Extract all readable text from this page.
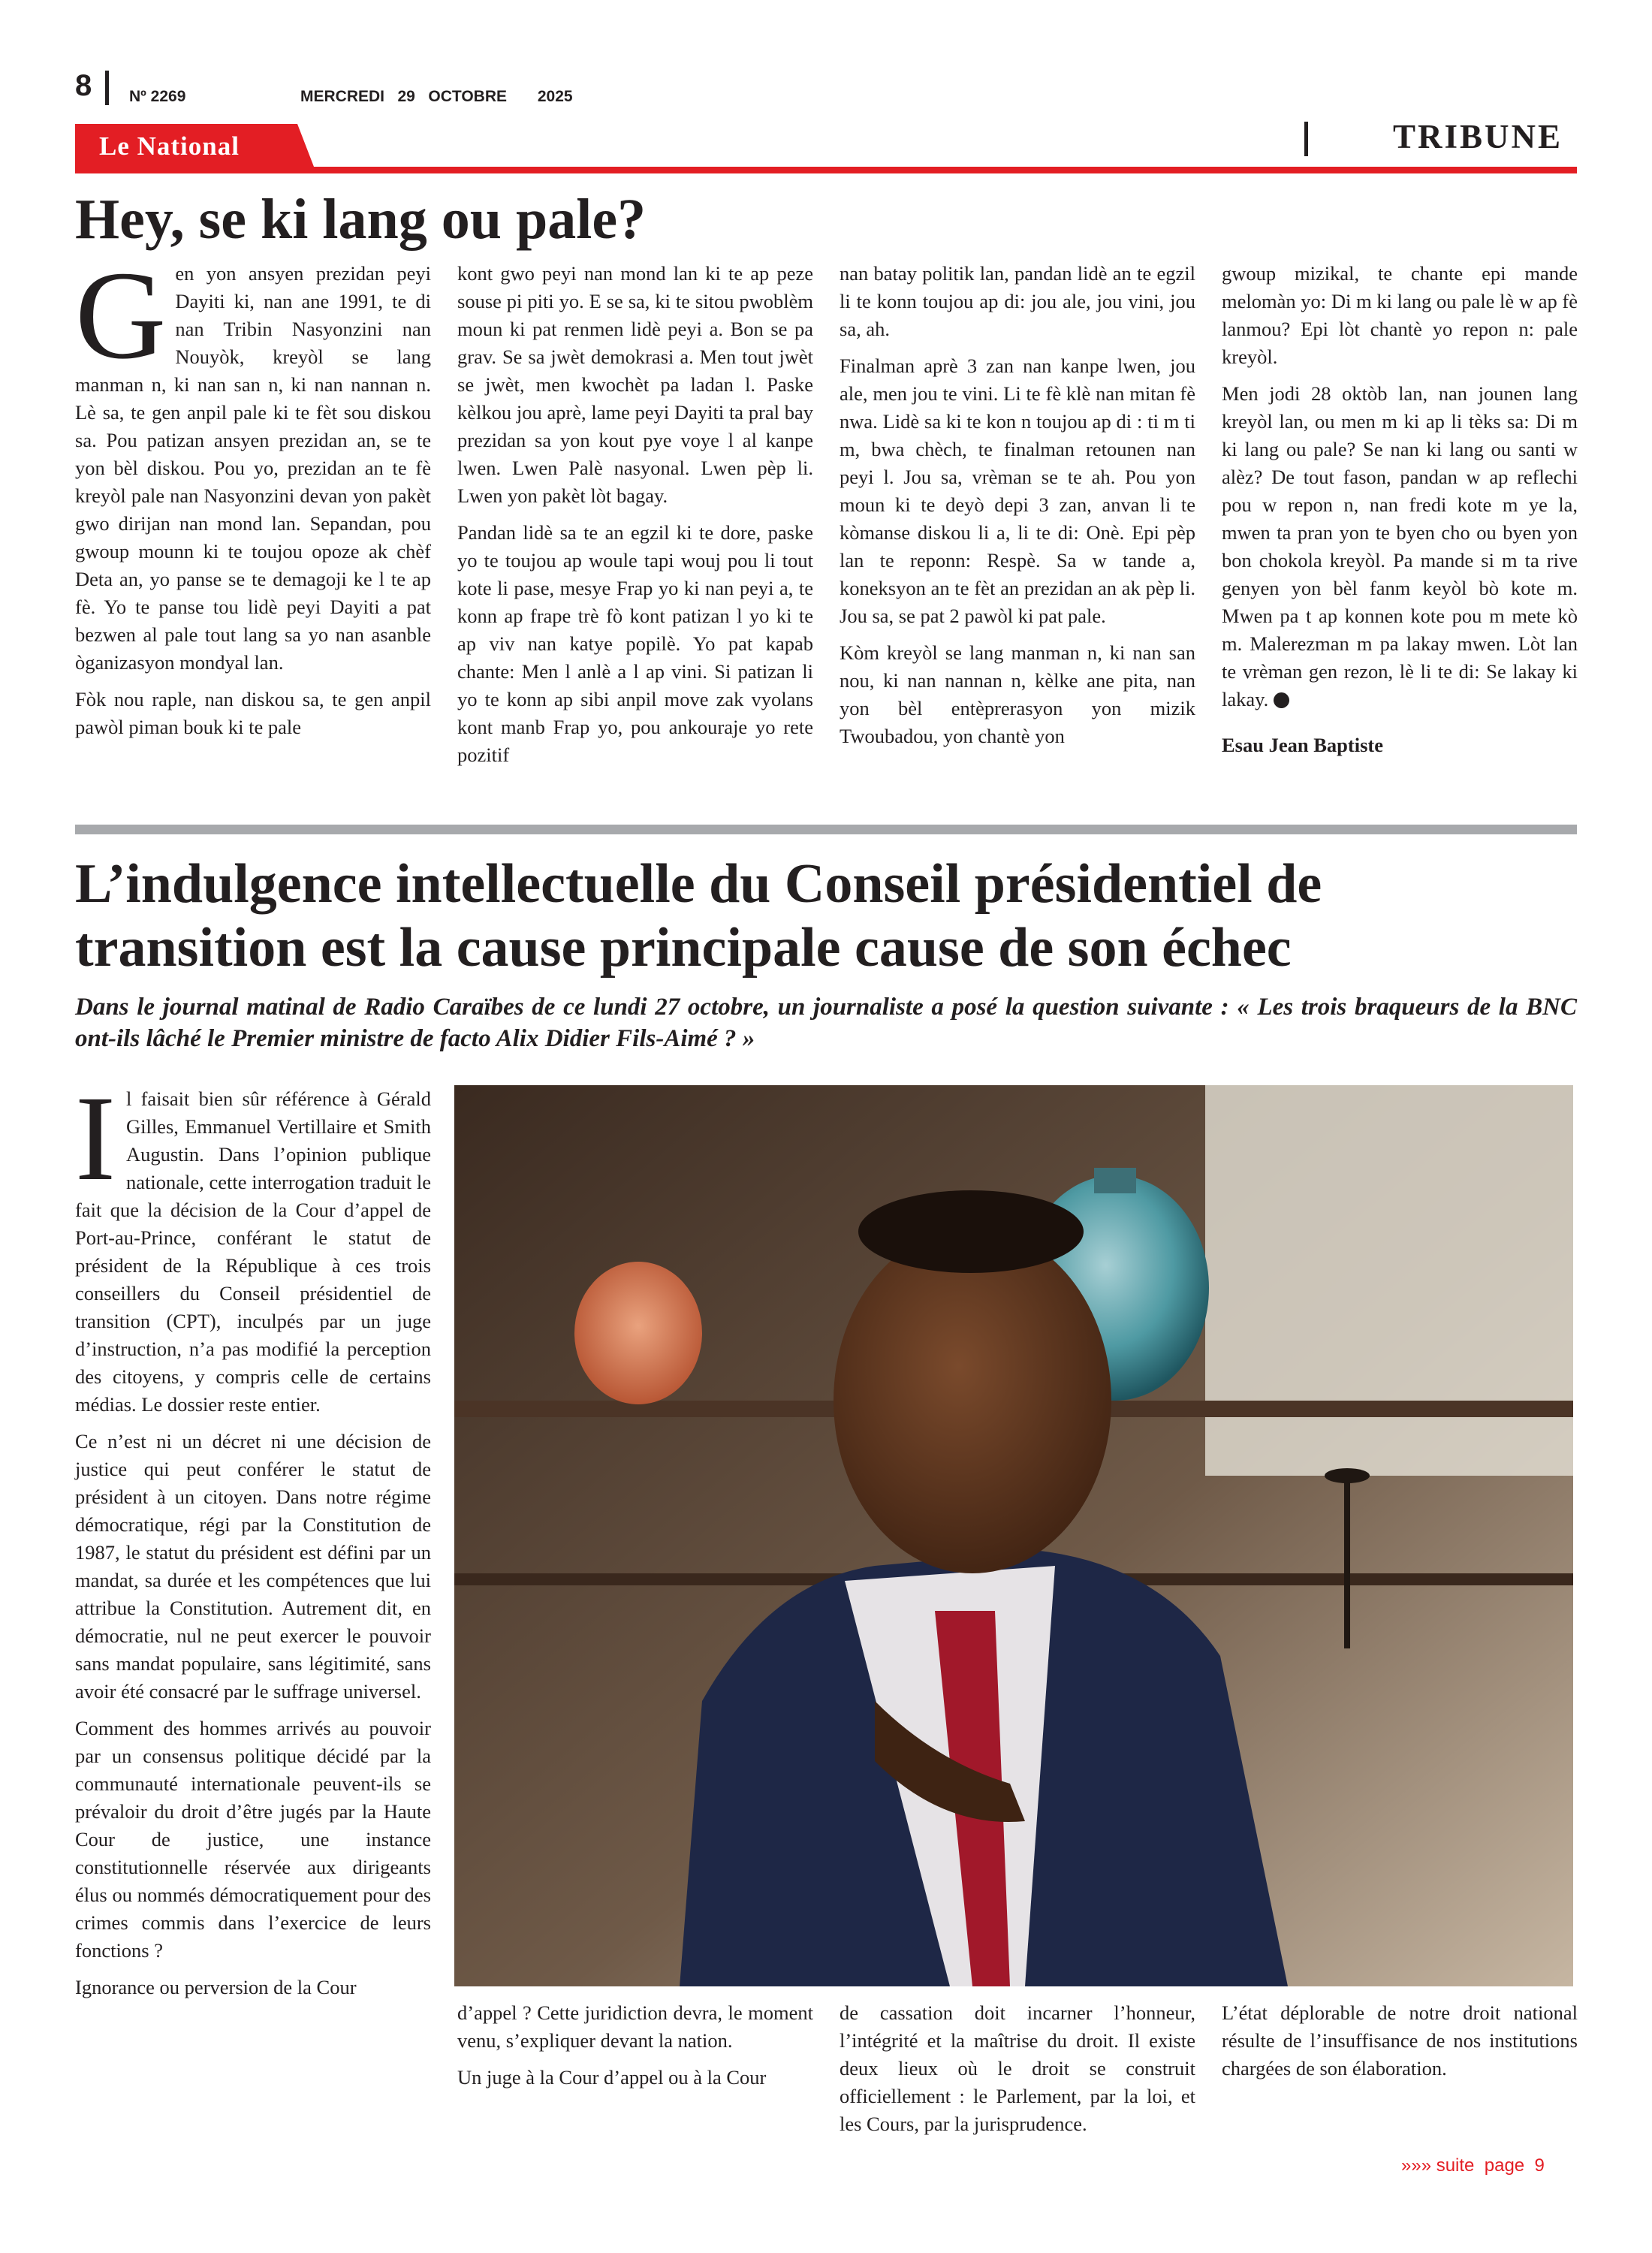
8 Nº 2269	MERCREDI   29   OCTOBRE       2025
Le National	TRIBUNE
Hey, se ki lang ou pale?
G en yon ansyen prezidan peyi Dayiti ki, nan ane 1991, te di nan Tribin Nasyonzini nan Nouyòk, kreyòl se lang manman n, ki nan san n, ki nan nannan n. Lè sa, te gen anpil pale ki te fèt sou diskou sa. Pou patizan ansyen prezidan an, se te yon bèl diskou. Pou yo, prezidan an te fè kreyòl pale nan Nasyonzini devan yon pakèt gwo dirijan nan mond lan. Sepandan, pou gwoup mounn ki te toujou opoze ak chèf Deta an, yo panse se te demagoji ke l te ap fè. Yo te panse tou lidè peyi Dayiti a pat bezwen al pale tout lang sa yo nan asanble òganizasyon mondyal lan.

Fòk nou raple, nan diskou sa, te gen anpil pawòl piman bouk ki te pale

kont gwo peyi nan mond lan ki te ap peze souse pi piti yo. E se sa, ki te sitou pwoblèm moun ki pat renmen lidè peyi a. Bon se pa grav. Se sa jwèt demokrasi a. Men tout jwèt se jwèt, men kwochèt pa ladan l. Paske kèlkou jou aprè, lame peyi Dayiti ta pral bay prezidan sa yon kout pye voye l al kanpe lwen. Lwen Palè nasyonal. Lwen pèp li. Lwen yon pakèt lòt bagay.

Pandan lidè sa te an egzil ki te dore, paske yo te toujou ap woule tapi wouj pou li tout kote li pase, mesye Frap yo ki nan peyi a, te konn ap frape trè fò kont patizan l yo ki te ap viv nan katye popilè. Yo pat kapab chante: Men l anlè a l ap vini. Si patizan li yo te konn ap sibi anpil move zak vyolans kont manb Frap yo, pou ankouraje yo rete pozitif

nan batay politik lan, pandan lidè an te egzil li te konn toujou ap di: jou ale, jou vini, jou sa, ah.

Finalman aprè 3 zan nan kanpe lwen, jou ale, men jou te vini. Li te fè klè nan mitan fè nwa. Lidè sa ki te kon n toujou ap di : ti m ti m, bwa chèch, te finalman retounen nan peyi l. Jou sa, vrèman se te ah. Pou yon moun ki te deyò depi 3 zan, anvan li te kòmanse diskou li a, li te di: Onè. Epi pèp lan te reponn: Respè. Sa w tande a, koneksyon an te fèt an prezidan an ak pèp li. Jou sa, se pat 2 pawòl ki pat pale.

Kòm kreyòl se lang manman n, ki nan san nou, ki nan nannan n, kèlke ane pita, nan yon bèl entèprerasyon yon mizik Twoubadou, yon chantè yon

gwoup mizikal, te chante epi mande melomàn yo: Di m ki lang ou pale lè w ap fè lanmou? Epi lòt chantè yo repon n: pale kreyòl.

Men jodi 28 oktòb lan, nan jounen lang kreyòl lan, ou men m ki ap li tèks sa: Di m ki lang ou pale? Se nan ki lang ou santi w alèz? De tout fason, pandan w ap reflechi pou w repon n, nan fredi kote m ye la, mwen ta pran yon te byen cho ou byen yon bon chokola kreyòl. Pa mande si m ta rive genyen yon bèl fanm keyòl bò kote m. Mwen pa t ap konnen kote pou m mete kò m. Malerezman m pa lakay mwen. Lòt lan te vrèman gen rezon, lè li te di: Se lakay ki lakay.

Esau Jean Baptiste

L’indulgence intellectuelle du Conseil présidentiel de
transition est la cause principale cause de son échec
Dans le journal matinal de Radio Caraïbes de ce lundi 27 octobre, un journaliste a posé la question suivante : « Les trois braqueurs de la BNC ont-ils lâché le Premier ministre de facto Alix Didier Fils-Aimé ? »
I l faisait bien sûr référence à Gérald Gilles, Emmanuel Vertillaire et Smith Augustin. Dans l’opinion publique nationale, cette interrogation traduit le fait que la décision de la Cour d’appel de Port-au-Prince, conférant le statut de président de la République à ces trois conseillers du Conseil présidentiel de transition (CPT), inculpés par un juge d’instruction, n’a pas modifié la perception des citoyens, y compris celle de certains médias. Le dossier reste entier.

Ce n’est ni un décret ni une décision de justice qui peut conférer le statut de président à un citoyen. Dans notre régime démocratique, régi par la Constitution de 1987, le statut du président est défini par un mandat, sa durée et les compétences que lui attribue la Constitution. Autrement dit, en démocratie, nul ne peut exercer le pouvoir sans mandat populaire, sans légitimité, sans avoir été consacré par le suffrage universel.

Comment des hommes arrivés au pouvoir par un consensus politique décidé par la communauté internationale peuvent-ils se prévaloir du droit d’être jugés par la Haute Cour de justice, une instance constitutionnelle réservée aux dirigeants élus ou nommés démocratiquement pour des crimes commis dans l’exercice de leurs fonctions ?

Ignorance ou perversion de la Cour

d’appel ? Cette juridiction devra, le moment venu, s’expliquer devant la nation.

Un juge à la Cour d’appel ou à la Cour

de cassation doit incarner l’honneur, l’intégrité et la maîtrise du droit. Il existe deux lieux où le droit se construit officiellement : le Parlement, par la loi, et les Cours, par la jurisprudence.

L’état déplorable de notre droit national résulte de l’insuffisance de nos institutions chargées de son élaboration.

»»» suite  page  9
